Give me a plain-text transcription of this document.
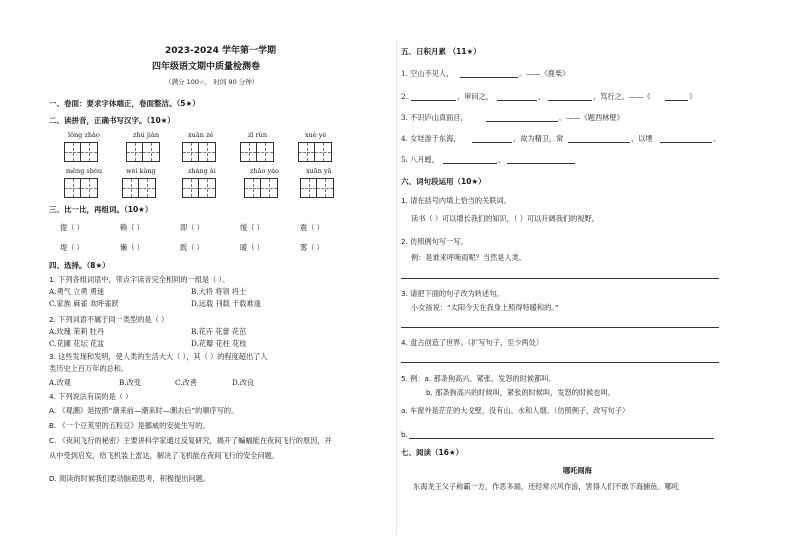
2023-2024 学年第一学期
四年级语文期中质量检测卷
（满分 100☆， 时间 90 分钟）
一、卷面：要求字体端正，卷面整洁。（5★）
二、读拼音，正确书写汉字。（10★）
lǒng zhào	zhú jiàn	xuān zé	zī rùn	xuè yè
měng shòu	wéi kàng	zhàng ài	zhāo yáo	xuān yā
三、比一比，再组词。（10★）
提（ ）	赖（ ）	即（ ）	缓（ ）	震（ ）
堤（ ）	懒（ ）	既（ ）	暖（ ）	雾（ ）
四、选择。（8★）
1. 下列各组词语中，带点字读音完全相同的一组是（ ）。
A.勇气 立勇 勇迷	B.大将 将领 将士
C.家族 麻雀 欢呼雀跃	D.远载 刊载 千载难逢
2. 下列词语不属于同一类型的是（ ）
A.玫瑰 茉莉 牡丹	B.花卉 花蕾 花茁
C.花圃 花坛 花盆	D.花瓣 花柱 花枝
3. 这些发现和发明，使人类的生活大大（ ），其（ ）的程度超出了人
类历史上百万年的总和。
A.改观	B.改变	C.改善	D.改良
4. 下列说法有误的是（ ）
A. 《观潮》是按照“潮来前—潮来时—潮去后”的顺序写的。
B. 《一个豆荚里的五粒豆》是挪威的安徒生写的。
C. 《夜间飞行的秘密》主要讲科学家通过反复研究，揭开了蝙蝠能在夜间飞行的原因，并
从中受到启发，给飞机装上雷达，解决了飞机能在夜间飞行的安全问题。
D. 阅读的时候我们要动脑筋思考，积极提出问题。
五、日积月累 （11★）
1. 空山不见人，	。——《鹿柴》
2.	，审问之，	，	，笃行之。——《	》
3. 不识庐山真面目，	。——《题西林壁》
4. 女娃游于东海，	，故为精卫，常	，以堙	。
5. 八月蝗，	，
六、词句段运用（10★）
1. 请在括号内填上恰当的关联词。
读书（ ）可以增长我们的知识，（ ）可以开阔我们的视野。
2. 仿照例句写一写。
例：是谁来呼唤雨呢？当然是人类。
3. 请把下面的句子改为转述句。
小女孩说：“太阳今天在我身上照得特暖和的。”
4. 盘古创造了世界。（扩写句子，至少两处）
5. 例：a. 那条狗高兴、紧张、发怒的时候都叫。
b. 那条狗高兴的时候叫，紧张的时候叫，发怒的时候也叫。
a. 车窗外是茫茫的大戈壁，没有山、水和人烟。（仿照例子，改写句子）
b.
七、阅读（16★）
哪吒闹海
东海龙王父子称霸一方，作恶多端，还经常兴风作浪，害得人们不敢下海捕鱼。哪吒
